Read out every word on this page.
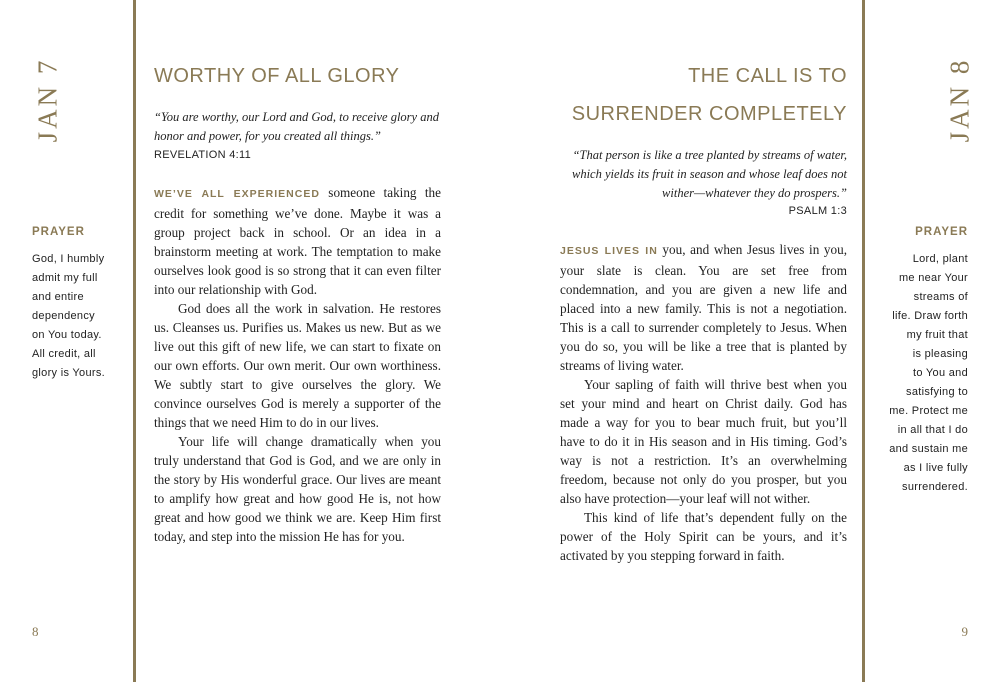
JAN 7
PRAYER
God, I humbly
admit my full
and entire
dependency
on You today.
All credit, all
glory is Yours.
8
WORTHY OF ALL GLORY
“You are worthy, our Lord and God, to receive glory and honor and power, for you created all things.”
REVELATION 4:11

WE’VE ALL EXPERIENCED someone taking the credit for something we’ve done. Maybe it was a group project back in school. Or an idea in a brainstorm meeting at work. The temptation to make ourselves look good is so strong that it can even filter into our relationship with God.

God does all the work in salvation. He restores us. Cleanses us. Purifies us. Makes us new. But as we live out this gift of new life, we can start to fixate on our own efforts. Our own merit. Our own worthiness. We subtly start to give ourselves the glory. We convince ourselves God is merely a supporter of the things that we need Him to do in our lives.

Your life will change dramatically when you truly understand that God is God, and we are only in the story by His wonderful grace. Our lives are meant to amplify how great and how good He is, not how great and how good we think we are. Keep Him first today, and step into the mission He has for you.

THE CALL IS TO SURRENDER COMPLETELY
“That person is like a tree planted by streams of water, which yields its fruit in season and whose leaf does not wither—whatever they do prospers.”
PSALM 1:3

JESUS LIVES IN you, and when Jesus lives in you, your slate is clean. You are set free from condemnation, and you are given a new life and placed into a new family. This is not a negotiation. This is a call to surrender completely to Jesus. When you do so, you will be like a tree that is planted by streams of living water.

Your sapling of faith will thrive best when you set your mind and heart on Christ daily. God has made a way for you to bear much fruit, but you’ll have to do it in His season and in His timing. God’s way is not a restriction. It’s an overwhelming freedom, because not only do you prosper, but you also have protection—your leaf will not wither.

This kind of life that’s dependent fully on the power of the Holy Spirit can be yours, and it’s activated by you stepping forward in faith.

JAN 8
PRAYER
Lord, plant
me near Your
streams of
life. Draw forth
my fruit that
is pleasing
to You and
satisfying to
me. Protect me
in all that I do
and sustain me
as I live fully
surrendered.
9
